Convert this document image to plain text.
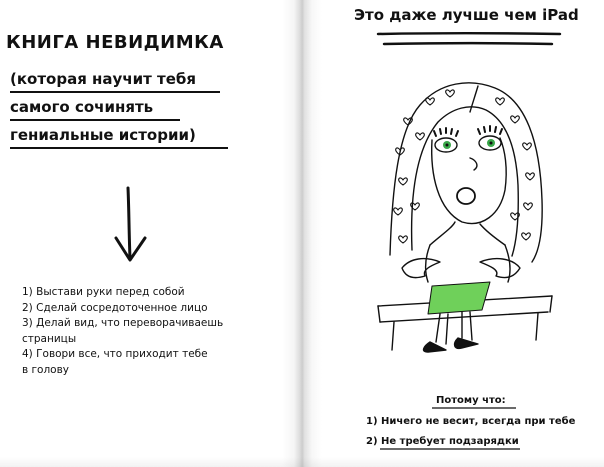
КНИГА НЕВИДИМКА
(которая научит тебя
самого сочинять
гениальные истории)
1) Выстави руки перед собой
2) Сделай сосредоточенное лицо
3) Делай вид, что переворачиваешь
страницы
4) Говори все, что приходит тебе
в голову
Это даже лучше чем iPad
Потому что:
1) Ничего не весит, всегда при тебе
2) Не требует подзарядки
